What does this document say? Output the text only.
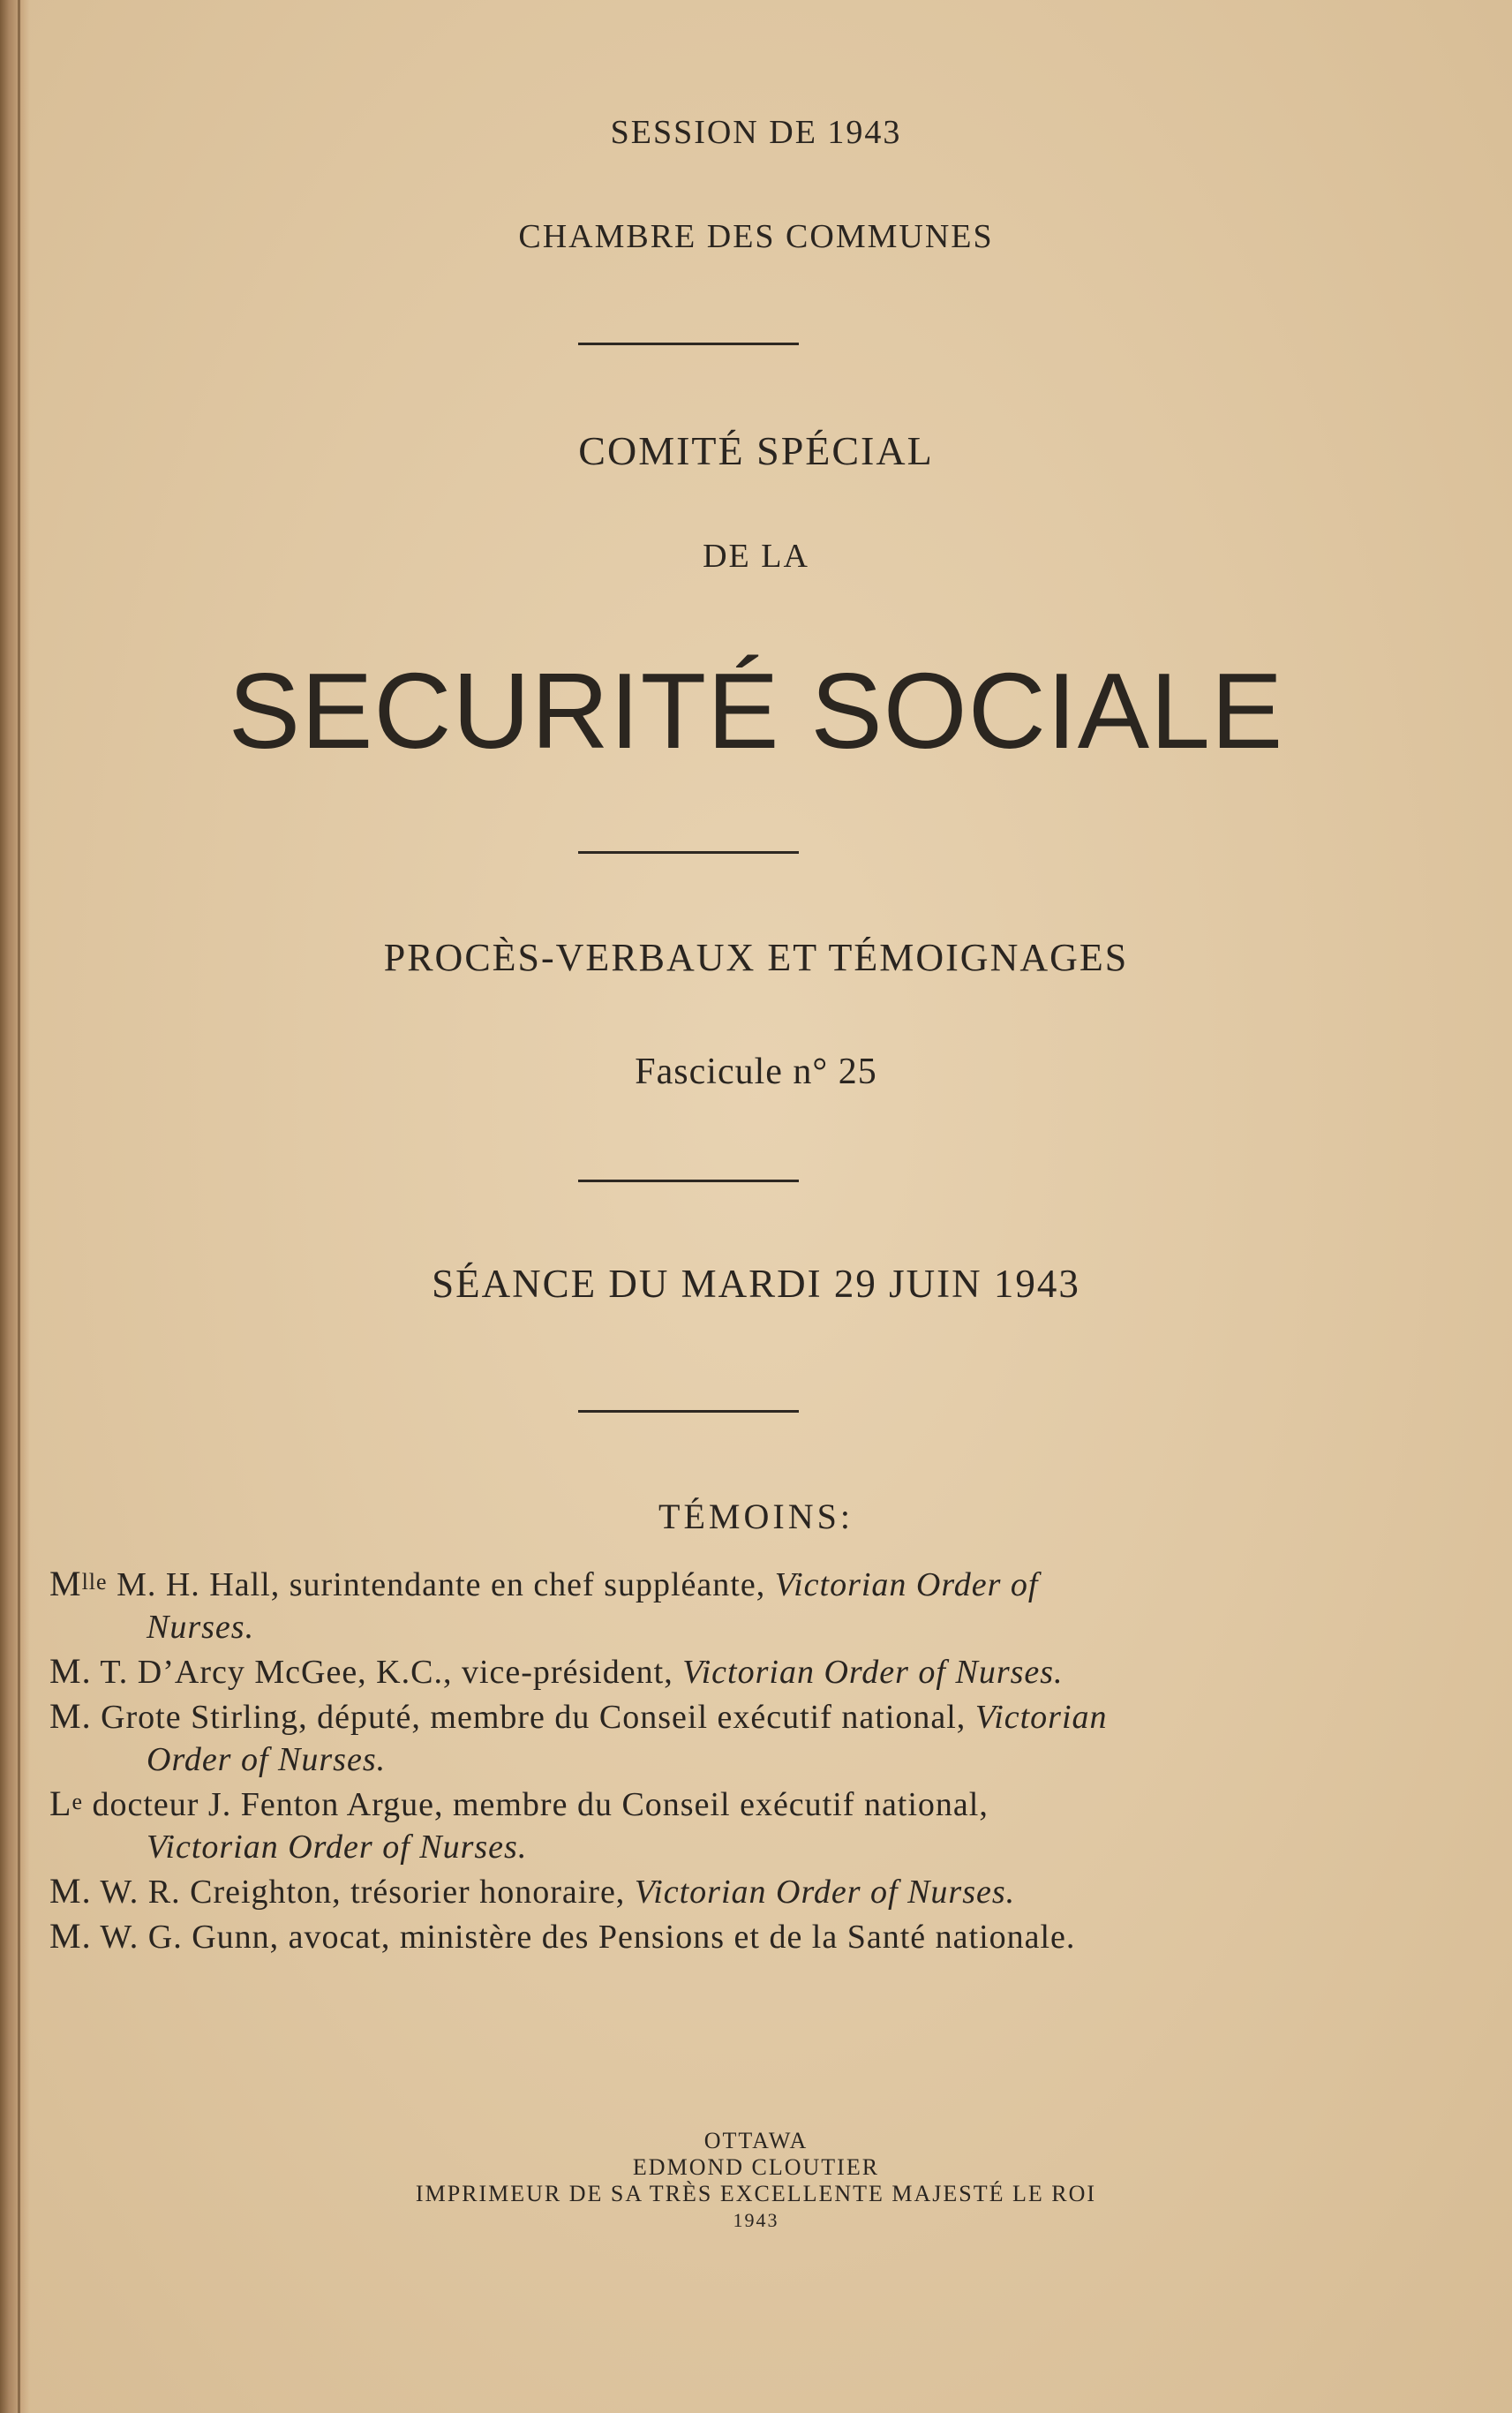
SESSION DE 1943
CHAMBRE DES COMMUNES
COMITÉ SPÉCIAL
DE LA
SECURITÉ SOCIALE
PROCÈS-VERBAUX ET TÉMOIGNAGES
Fascicule n° 25
SÉANCE DU MARDI 29 JUIN 1943
TÉMOINS:
$M^{lle}$ M. H. Hall, surintendante en chef suppléante, Victorian Order of
Nurses.
M. T. D’Arcy McGee, K.C., vice-président, Victorian Order of Nurses.
M. Grote Stirling, député, membre du Conseil exécutif national, Victorian
Order of Nurses.
Le docteur J. Fenton Argue, membre du Conseil exécutif national,
Victorian Order of Nurses.
M. W. R. Creighton, trésorier honoraire, Victorian Order of Nurses.
M. W. G. Gunn, avocat, ministère des Pensions et de la Santé nationale.
OTTAWA
EDMOND CLOUTIER
IMPRIMEUR DE SA TRÈS EXCELLENTE MAJESTÉ LE ROI
1943
